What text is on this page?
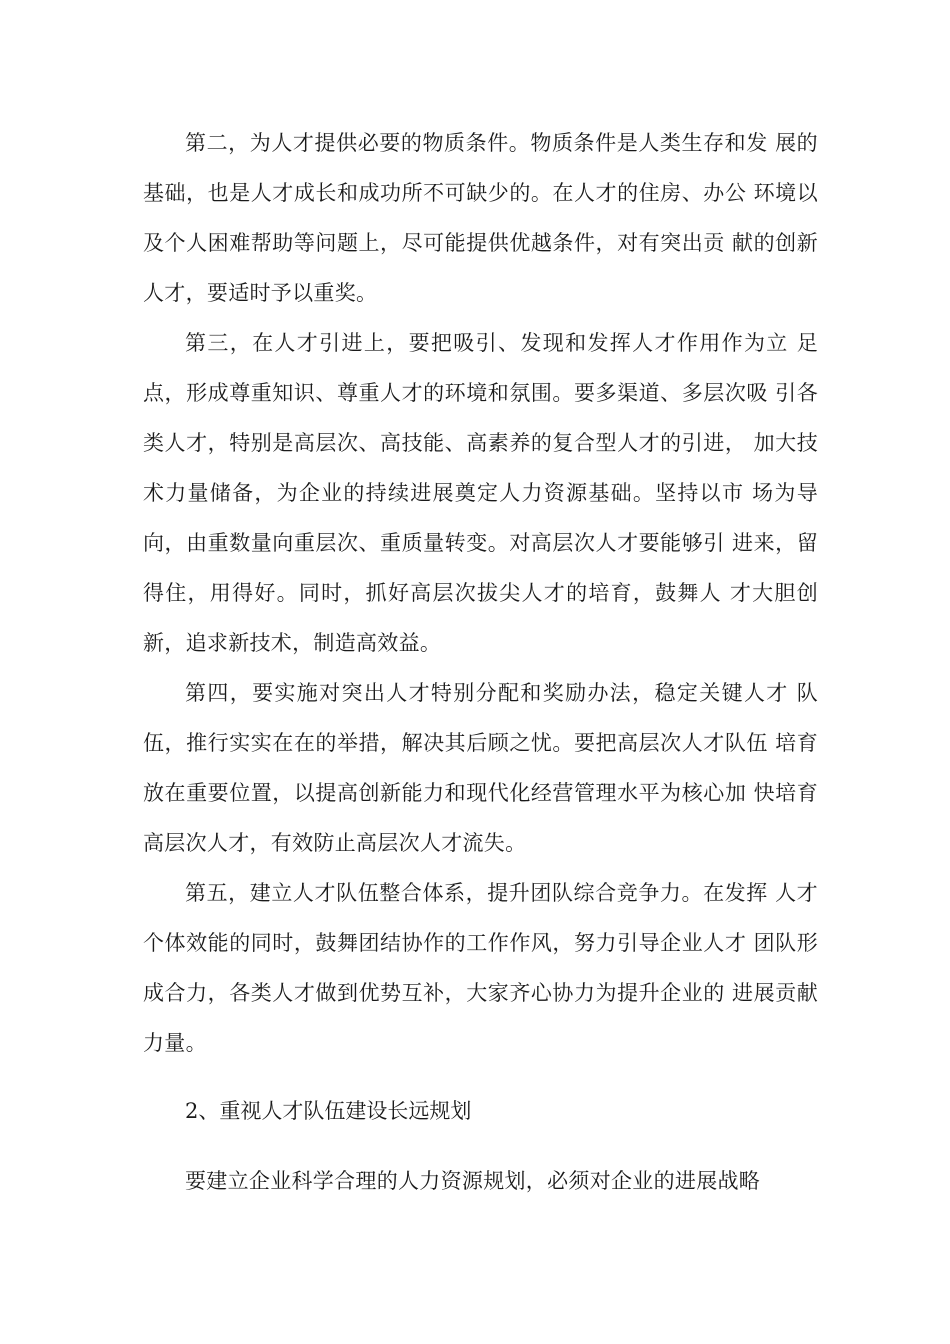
第二，为人才提供必要的物质条件。物质条件是人类生存和发 展的基础，也是人才成长和成功所不可缺少的。在人才的住房、办公 环境以及个人困难帮助等问题上，尽可能提供优越条件，对有突出贡 献的创新人才，要适时予以重奖。

第三，在人才引进上，要把吸引、发现和发挥人才作用作为立 足点，形成尊重知识、尊重人才的环境和氛围。要多渠道、多层次吸 引各类人才，特别是高层次、高技能、高素养的复合型人才的引进， 加大技术力量储备，为企业的持续进展奠定人力资源基础。坚持以市 场为导向，由重数量向重层次、重质量转变。对高层次人才要能够引 进来，留得住，用得好。同时，抓好高层次拔尖人才的培育，鼓舞人 才大胆创新，追求新技术，制造高效益。

第四，要实施对突出人才特别分配和奖励办法，稳定关键人才 队伍，推行实实在在的举措，解决其后顾之忧。要把高层次人才队伍 培育放在重要位置，以提高创新能力和现代化经营管理水平为核心加 快培育高层次人才，有效防止高层次人才流失。

第五，建立人才队伍整合体系，提升团队综合竞争力。在发挥 人才个体效能的同时，鼓舞团结协作的工作作风，努力引导企业人才 团队形成合力，各类人才做到优势互补，大家齐心协力为提升企业的 进展贡献力量。

2、重视人才队伍建设长远规划

要建立企业科学合理的人力资源规划，必须对企业的进展战略
